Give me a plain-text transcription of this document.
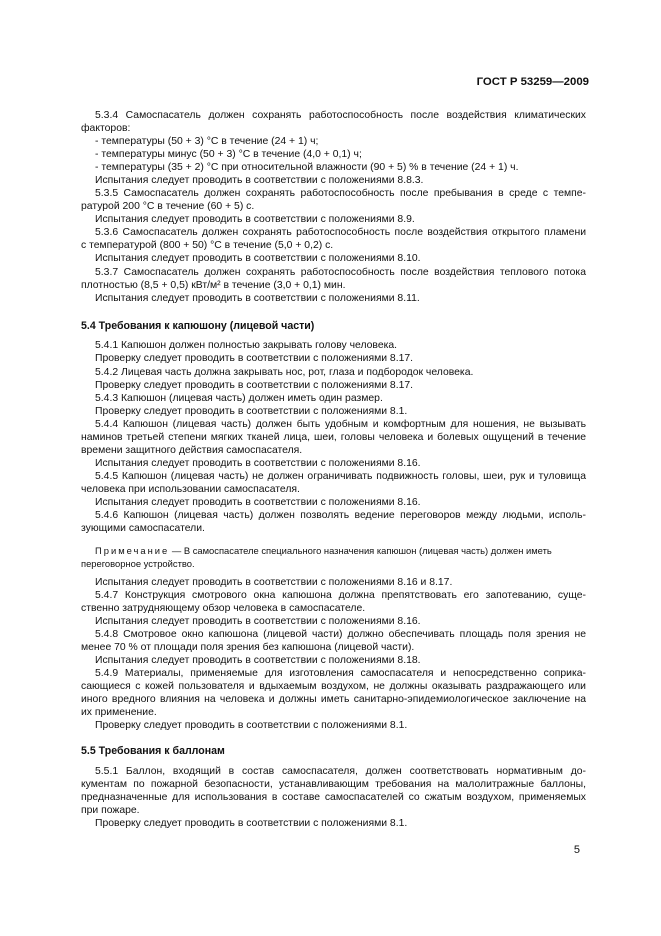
ГОСТ Р 53259—2009
5.3.4 Самоспасатель должен сохранять работоспособность после воздействия климатических
факторов:
- температуры (50 + 3) °С в течение (24 + 1) ч;
- температуры минус (50 + 3) °С в течение (4,0 + 0,1) ч;
- температуры (35 + 2) °С при относительной влажности (90 + 5) % в течение (24 + 1) ч.
Испытания следует проводить в соответствии с положениями 8.8.3.
5.3.5 Самоспасатель должен сохранять работоспособность после пребывания в среде с темпе-
ратурой 200 °С в течение (60 + 5) с.
Испытания следует проводить в соответствии с положениями 8.9.
5.3.6 Самоспасатель должен сохранять работоспособность после воздействия открытого пламени
с температурой (800 + 50) °С в течение (5,0 + 0,2) с.
Испытания следует проводить в соответствии с положениями 8.10.
5.3.7 Самоспасатель должен сохранять работоспособность после воздействия теплового потока
плотностью (8,5 + 0,5) кВт/м² в течение (3,0 + 0,1) мин.
Испытания следует проводить в соответствии с положениями 8.11.
5.4 Требования к капюшону (лицевой части)
5.4.1 Капюшон должен полностью закрывать голову человека.
Проверку следует проводить в соответствии с положениями 8.17.
5.4.2 Лицевая часть должна закрывать нос, рот, глаза и подбородок человека.
Проверку следует проводить в соответствии с положениями 8.17.
5.4.3 Капюшон (лицевая часть) должен иметь один размер.
Проверку следует проводить в соответствии с положениями 8.1.
5.4.4 Капюшон (лицевая часть) должен быть удобным и комфортным для ношения, не вызывать
наминов третьей степени мягких тканей лица, шеи, головы человека и болевых ощущений в течение
времени защитного действия самоспасателя.
Испытания следует проводить в соответствии с положениями 8.16.
5.4.5 Капюшон (лицевая часть) не должен ограничивать подвижность головы, шеи, рук и туловища
человека при использовании самоспасателя.
Испытания следует проводить в соответствии с положениями 8.16.
5.4.6 Капюшон (лицевая часть) должен позволять ведение переговоров между людьми, исполь-
зующими самоспасатели.
Примечание — В самоспасателе специального назначения капюшон (лицевая часть) должен иметь
переговорное устройство.
Испытания следует проводить в соответствии с положениями 8.16 и 8.17.
5.4.7 Конструкция смотрового окна капюшона должна препятствовать его запотеванию, суще-
ственно затрудняющему обзор человека в самоспасателе.
Испытания следует проводить в соответствии с положениями 8.16.
5.4.8 Смотровое окно капюшона (лицевой части) должно обеспечивать площадь поля зрения не
менее 70 % от площади поля зрения без капюшона (лицевой части).
Испытания следует проводить в соответствии с положениями 8.18.
5.4.9 Материалы, применяемые для изготовления самоспасателя и непосредственно соприка-
сающиеся с кожей пользователя и вдыхаемым воздухом, не должны оказывать раздражающего или
иного вредного влияния на человека и должны иметь санитарно-эпидемиологическое заключение на
их применение.
Проверку следует проводить в соответствии с положениями 8.1.
5.5 Требования к баллонам
5.5.1 Баллон, входящий в состав самоспасателя, должен соответствовать нормативным до-
кументам по пожарной безопасности, устанавливающим требования на малолитражные баллоны,
предназначенные для использования в составе самоспасателей со сжатым воздухом, применяемых
при пожаре.
Проверку следует проводить в соответствии с положениями 8.1.
5
